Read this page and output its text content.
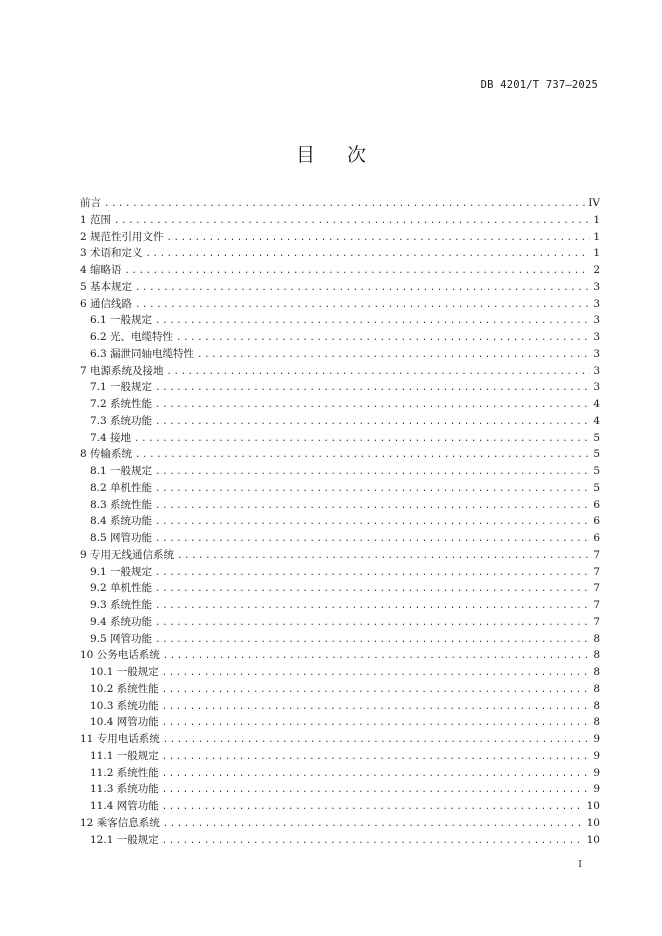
DB 4201/T 737—2025
目次
前言 .....	IV
1 范围 .....	1
2 规范性引用文件 .....	1
3 术语和定义 .....	1
4 缩略语 .....	2
5 基本规定 .....	3
6 通信线路 .....	3
6.1 一般规定 .....	3
6.2 光、电缆特性 .....	3
6.3 漏泄同轴电缆特性 .....	3
7 电源系统及接地 .....	3
7.1 一般规定 .....	3
7.2 系统性能 .....	4
7.3 系统功能 .....	4
7.4 接地 .....	5
8 传输系统 .....	5
8.1 一般规定 .....	5
8.2 单机性能 .....	5
8.3 系统性能 .....	6
8.4 系统功能 .....	6
8.5 网管功能 .....	6
9 专用无线通信系统 .....	7
9.1 一般规定 .....	7
9.2 单机性能 .....	7
9.3 系统性能 .....	7
9.4 系统功能 .....	7
9.5 网管功能 .....	8
10 公务电话系统 .....	8
10.1 一般规定 .....	8
10.2 系统性能 .....	8
10.3 系统功能 .....	8
10.4 网管功能 .....	8
11 专用电话系统 .....	9
11.1 一般规定 .....	9
11.2 系统性能 .....	9
11.3 系统功能 .....	9
11.4 网管功能 .....	10
12 乘客信息系统 .....	10
12.1 一般规定 .....	10
I
